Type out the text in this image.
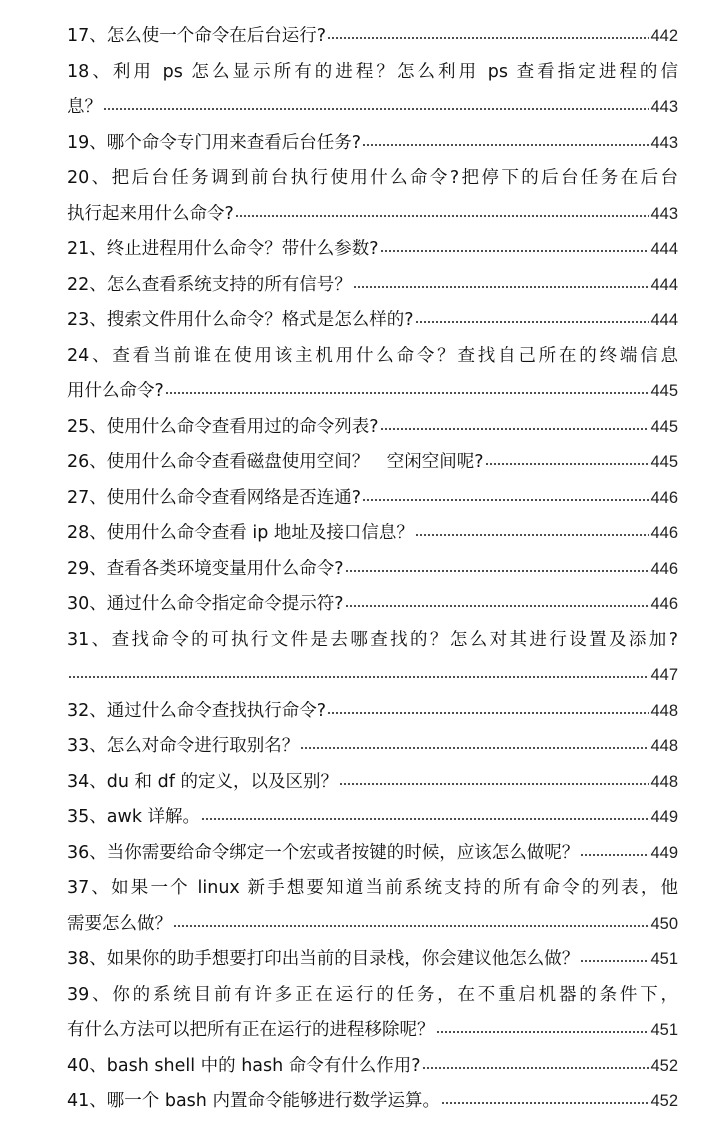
17、 怎么使一个命令在后台运行?	442
18、利用 ps 怎么显示所有的进程？怎么利用 ps 查看指定进程的信
息？	443
19、 哪个命令专门用来查看后台任务?	443
20、把后台任务调到前台执行使用什么命令?把停下的后台任务在后台
执行起来用什么命令?	443
21、 终止进程用什么命令？带什么参数?	444
22、 怎么查看系统支持的所有信号？	444
23、 搜索文件用什么命令？格式是怎么样的?	444
24、查看当前谁在使用该主机用什么命令？查找自己所在的终端信息
用什么命令?	445
25、 使用什么命令查看用过的命令列表?	445
26、 使用什么命令查看磁盘使用空间？　空闲空间呢?	445
27、 使用什么命令查看网络是否连通?	446
28、 使用什么命令查看 ip 地址及接口信息？	446
29、 查看各类环境变量用什么命令?	446
30、 通过什么命令指定命令提示符?	446
31、查找命令的可执行文件是去哪查找的？怎么对其进行设置及添加?
447
32、 通过什么命令查找执行命令?	448
33、 怎么对命令进行取别名？	448
34、 du 和 df 的定义，以及区别？	448
35、 awk 详解。	449
36、 当你需要给命令绑定一个宏或者按键的时候，应该怎么做呢？	449
37、如果一个 linux 新手想要知道当前系统支持的所有命令的列表，他
需要怎么做？	450
38、 如果你的助手想要打印出当前的目录栈，你会建议他怎么做？	451
39、你的系统目前有许多正在运行的任务，在不重启机器的条件下，
有什么方法可以把所有正在运行的进程移除呢？	451
40、 bash shell 中的 hash 命令有什么作用?	452
41、 哪一个 bash 内置命令能够进行数学运算。	452
